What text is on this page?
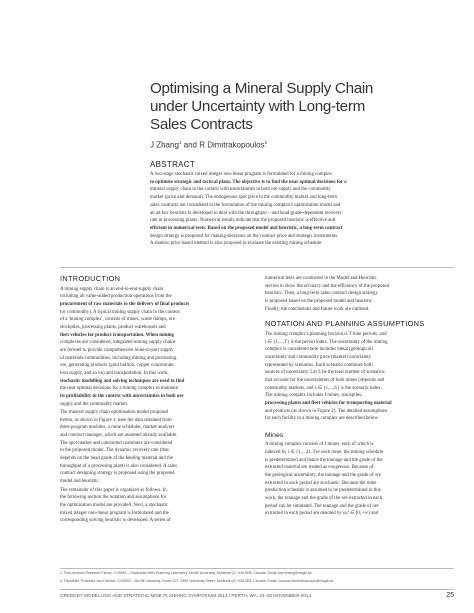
Optimising a Mineral Supply Chain
under Uncertainty with Long-term
Sales Contracts
J Zhang$^1$ and R Dimitrakopoulos$^2$
ABSTRACT
A two-stage stochastic mixed integer non-linear program is formulated for a mining complex
to optimise strategic and tactical plans. The objective is to find the near optimal decisions for a
mineral supply chain in the context with uncertainties in both ore supply and the commodity
market (price and demand). The endogenous spot price in the commodity market and long-term
sales contracts are considered in the formulation of the mining complex's optimisation model and
an ad hoc heuristic is developed to deal with the throughput – and head-grade-dependent recovery
rate in processing plants. Numerical results indicate that the proposed heuristic is effective and
efficient in numerical tests. Based on the proposed model and heuristic, a long-term contract
design strategy is proposed for making decisions on the contract price and strategic investments.
A shadow price based method is also proposed to evaluate the existing mining schedule.
INTRODUCTION
A mining supply chain is an end-to-end supply chain
including all value-added production operations from the
procurement of raw materials to the delivery of final products
(or commodity). A typical mining supply chain in the context
of a 'mining complex', consists of mines, waste dumps, ore
stockpiles, processing plants, product warehouses and
fleet vehicles for product transportation. When mining
complexes are considered, integrated mining supply chains
are formed to provide comprehensive mine-to-port supply
of materials/commodities, including mining and processing
ore, generating products (gold bullion, copper concentrate,
iron supply, and so on) and transportation. In this work,
stochastic modelling and solving techniques are used to find
the near optimal decisions for a mining complex to maintain
its profitability in the context with uncertainties in both ore
supply and the commodity market.
The mineral supply chain optimisation model proposed
herein, as shown in Figure 1, uses the data obtained from
three program modules, a mine scheduler, market analyser
and contract manager, which are assumed already available.
The spot market and contracted customers are considered
in the proposed model. The dynamic recovery rate (that
depends on the head grade of the feeding material and the
throughput of a processing plant) is also considered. A sales
contract designing strategy is proposed using the proposed
model and heuristic.
The remainder of this paper is organised as follows. In
the following section the notation and assumptions for
the optimisation model are provided. Next, a stochastic
mixed integer non-linear program is formulated and the
corresponding solving heuristic is developed. A series of
numerical tests are conducted in the Model and Heuristic
section to show the accuracy and the efficiency of the proposed
heuristic. Then, a long-term sales contract design strategy
is proposed based on the proposed model and heuristic.
Finally, the conclusions and future work are outlined.
NOTATION AND PLANNING ASSUMPTIONS
The mining complex's planning horizon is T time periods, and
t ∈ {1,...,T} is the period index. The uncertainty of the mining
complex is considered here includes metal (geological)
uncertainty and commodity price (market) uncertainty
represented by scenarios. Each scenario combines both
sources of uncertainty. Let S be the total number of scenarios
that account for the uncertainties of both mines (deposits and
commodity markets, and s ∈ {1,...,S} is the scenario index.
The mining complex includes I mines, stockpiles,
processing plants and fleet vehicles for transporting material
and products (as shown in Figure 2). The detailed assumptions
for each facility in a mining complex are described below.
Mines
A mining complex consists of I mines, each of which is
indexed by i ∈ {1,...,I}. For each mine, the mining schedule
is predetermined and hence the tonnage and the grade of the
extracted material are treated as exogenous. Because of
the geological uncertainty, the tonnage and the grade of ore
extracted in each period are stochastic. Because the mine
production schedule is assumed to be predetermined in this
work, the tonnage and the grade of the ore extracted in each
period can be simulated. The tonnage and the grade of ore
extracted in each period are denoted by αᵢₜˢ ∈ [0, +∞) and
1. Post-doctoral Research Fellow, COSMO – Stochastic Mine Planning Laboratory, McGill University, Montreal QC H3A 0E8, Canada. Email: jian.zhang@mcgill.ca
2. FAusIMM, Professor and Director, COSMO – McGill University, Room 107, 3450 University Street, Montreal QC H3A 0E8, Canada. Email: roussos.dimitrakopoulos@mcgill.ca
OREBODY MODELLING AND STRATEGIC MINE PLANNING SYMPOSIUM 2014 / PERTH, WA, 24–26 NOVEMBER 2014	25
